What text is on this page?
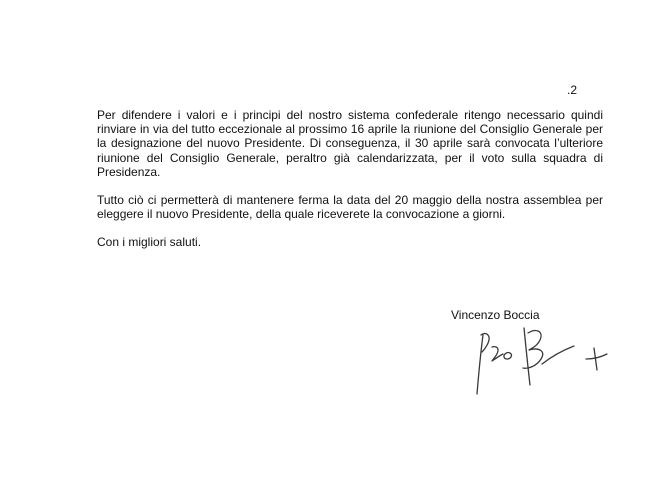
.2

Per difendere i valori e i principi del nostro sistema confederale ritengo necessario quindi rinviare in via del tutto eccezionale al prossimo 16 aprile la riunione del Consiglio Generale per la designazione del nuovo Presidente. Di conseguenza, il 30 aprile sarà convocata l’ulteriore riunione del Consiglio Generale, peraltro già calendarizzata, per il voto sulla squadra di Presidenza.

Tutto ciò ci permetterà di mantenere ferma la data del 20 maggio della nostra assemblea per eleggere il nuovo Presidente, della quale riceverete la convocazione a giorni.

Con i migliori saluti.

Vincenzo Boccia
